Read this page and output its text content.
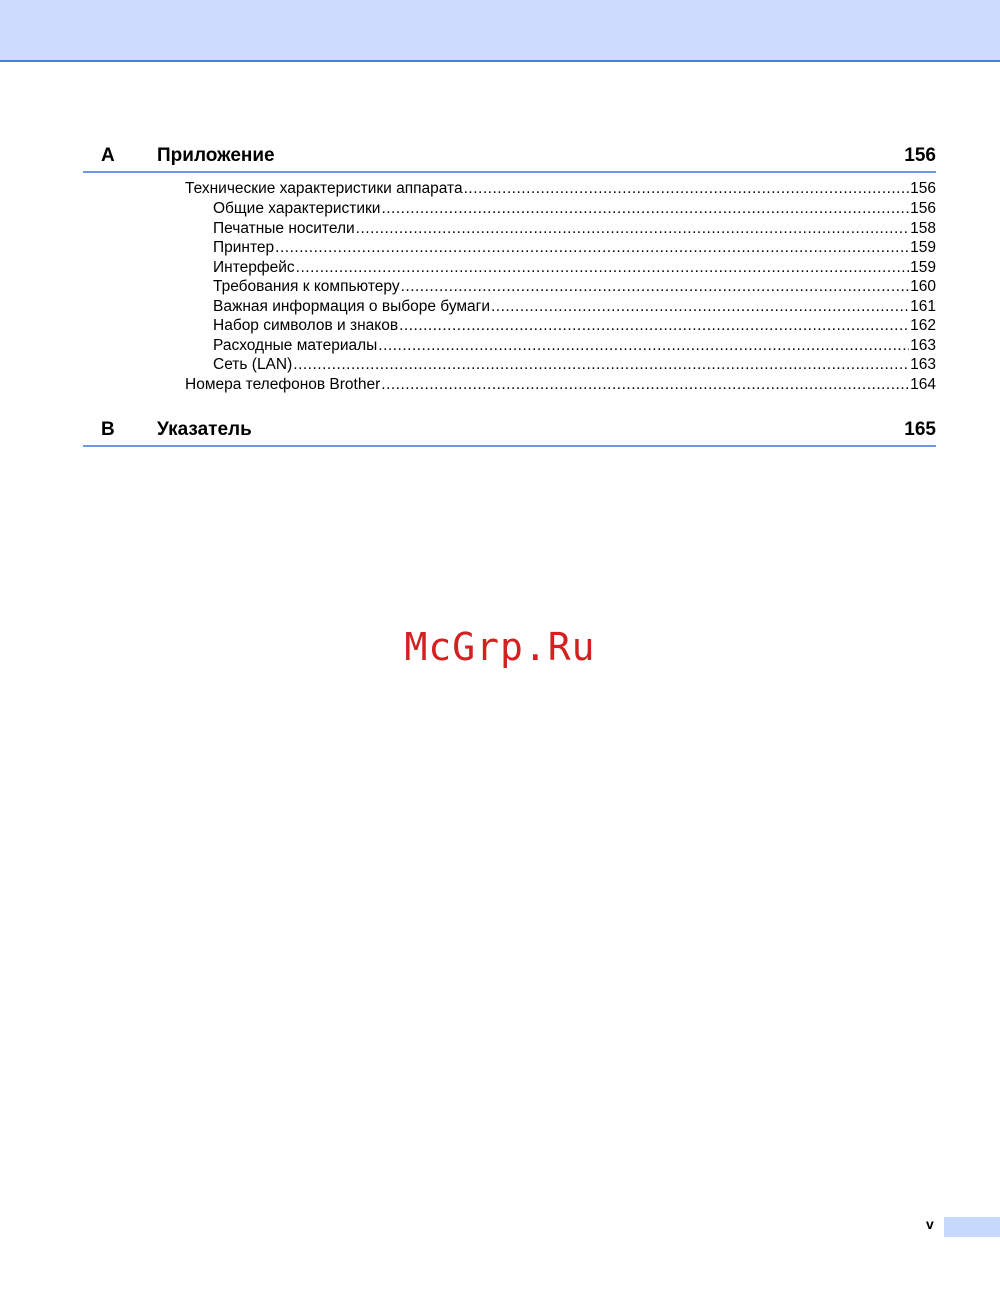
A Приложение	156
Технические характеристики аппарата .....	156
Общие характеристики .....	156
Печатные носители .....	158
Принтер .....	159
Интерфейс .....	159
Требования к компьютеру .....	160
Важная информация о выборе бумаги .....	161
Набор символов и знаков .....	162
Расходные материалы .....	163
Сеть (LAN) .....	163
Номера телефонов Brother .....	164
B Указатель	165
McGrp.Ru
v
